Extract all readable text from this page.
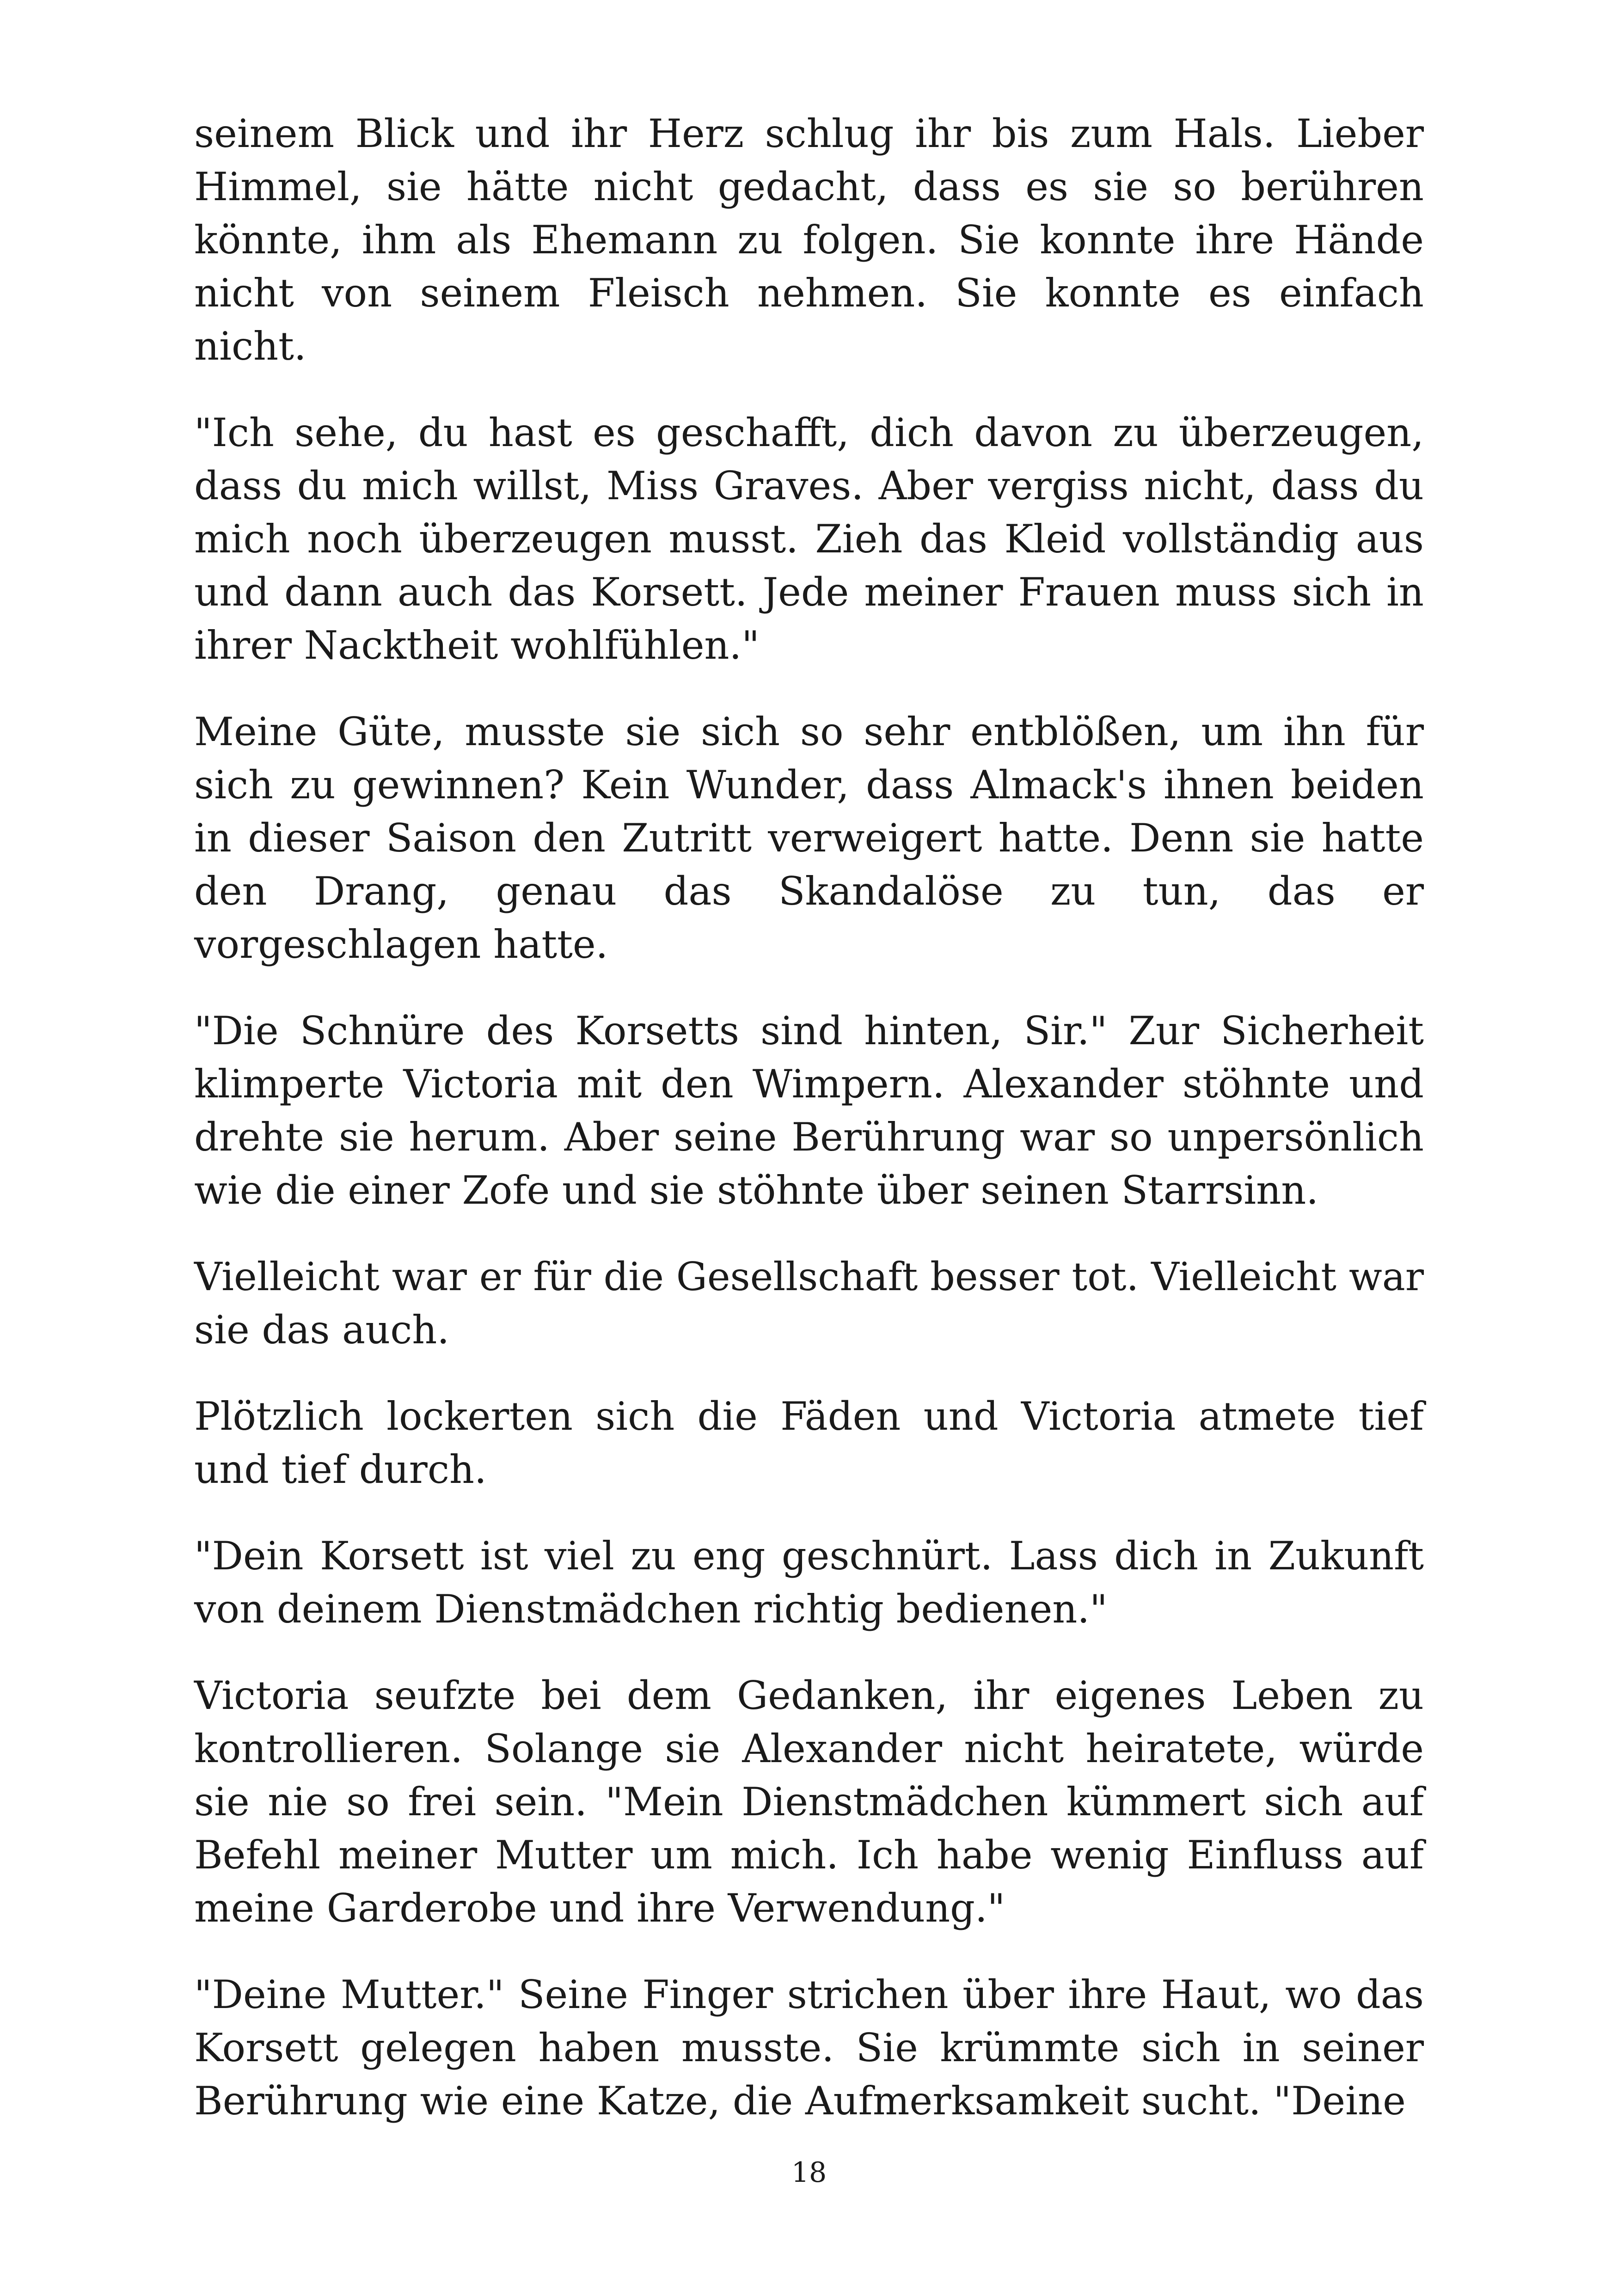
seinem Blick und ihr Herz schlug ihr bis zum Hals. Lieber Himmel, sie hätte nicht gedacht, dass es sie so berühren könnte, ihm als Ehemann zu folgen. Sie konnte ihre Hände nicht von seinem Fleisch nehmen. Sie konnte es einfach nicht.

"Ich sehe, du hast es geschafft, dich davon zu überzeugen, dass du mich willst, Miss Graves. Aber vergiss nicht, dass du mich noch überzeugen musst. Zieh das Kleid vollständig aus und dann auch das Korsett. Jede meiner Frauen muss sich in ihrer Nacktheit wohlfühlen."

Meine Güte, musste sie sich so sehr entblößen, um ihn für sich zu gewinnen? Kein Wunder, dass Almack's ihnen beiden in dieser Saison den Zutritt verweigert hatte. Denn sie hatte den Drang, genau das Skandalöse zu tun, das er vorgeschlagen hatte.

"Die Schnüre des Korsetts sind hinten, Sir." Zur Sicherheit klimperte Victoria mit den Wimpern. Alexander stöhnte und drehte sie herum. Aber seine Berührung war so unpersönlich wie die einer Zofe und sie stöhnte über seinen Starrsinn.

Vielleicht war er für die Gesellschaft besser tot. Vielleicht war sie das auch.

Plötzlich lockerten sich die Fäden und Victoria atmete tief und tief durch.

"Dein Korsett ist viel zu eng geschnürt. Lass dich in Zukunft von deinem Dienstmädchen richtig bedienen."

Victoria seufzte bei dem Gedanken, ihr eigenes Leben zu kontrollieren. Solange sie Alexander nicht heiratete, würde sie nie so frei sein. "Mein Dienstmädchen kümmert sich auf Befehl meiner Mutter um mich. Ich habe wenig Einfluss auf meine Garderobe und ihre Verwendung."

"Deine Mutter." Seine Finger strichen über ihre Haut, wo das Korsett gelegen haben musste. Sie krümmte sich in seiner Berührung wie eine Katze, die Aufmerksamkeit sucht. "Deine

18
